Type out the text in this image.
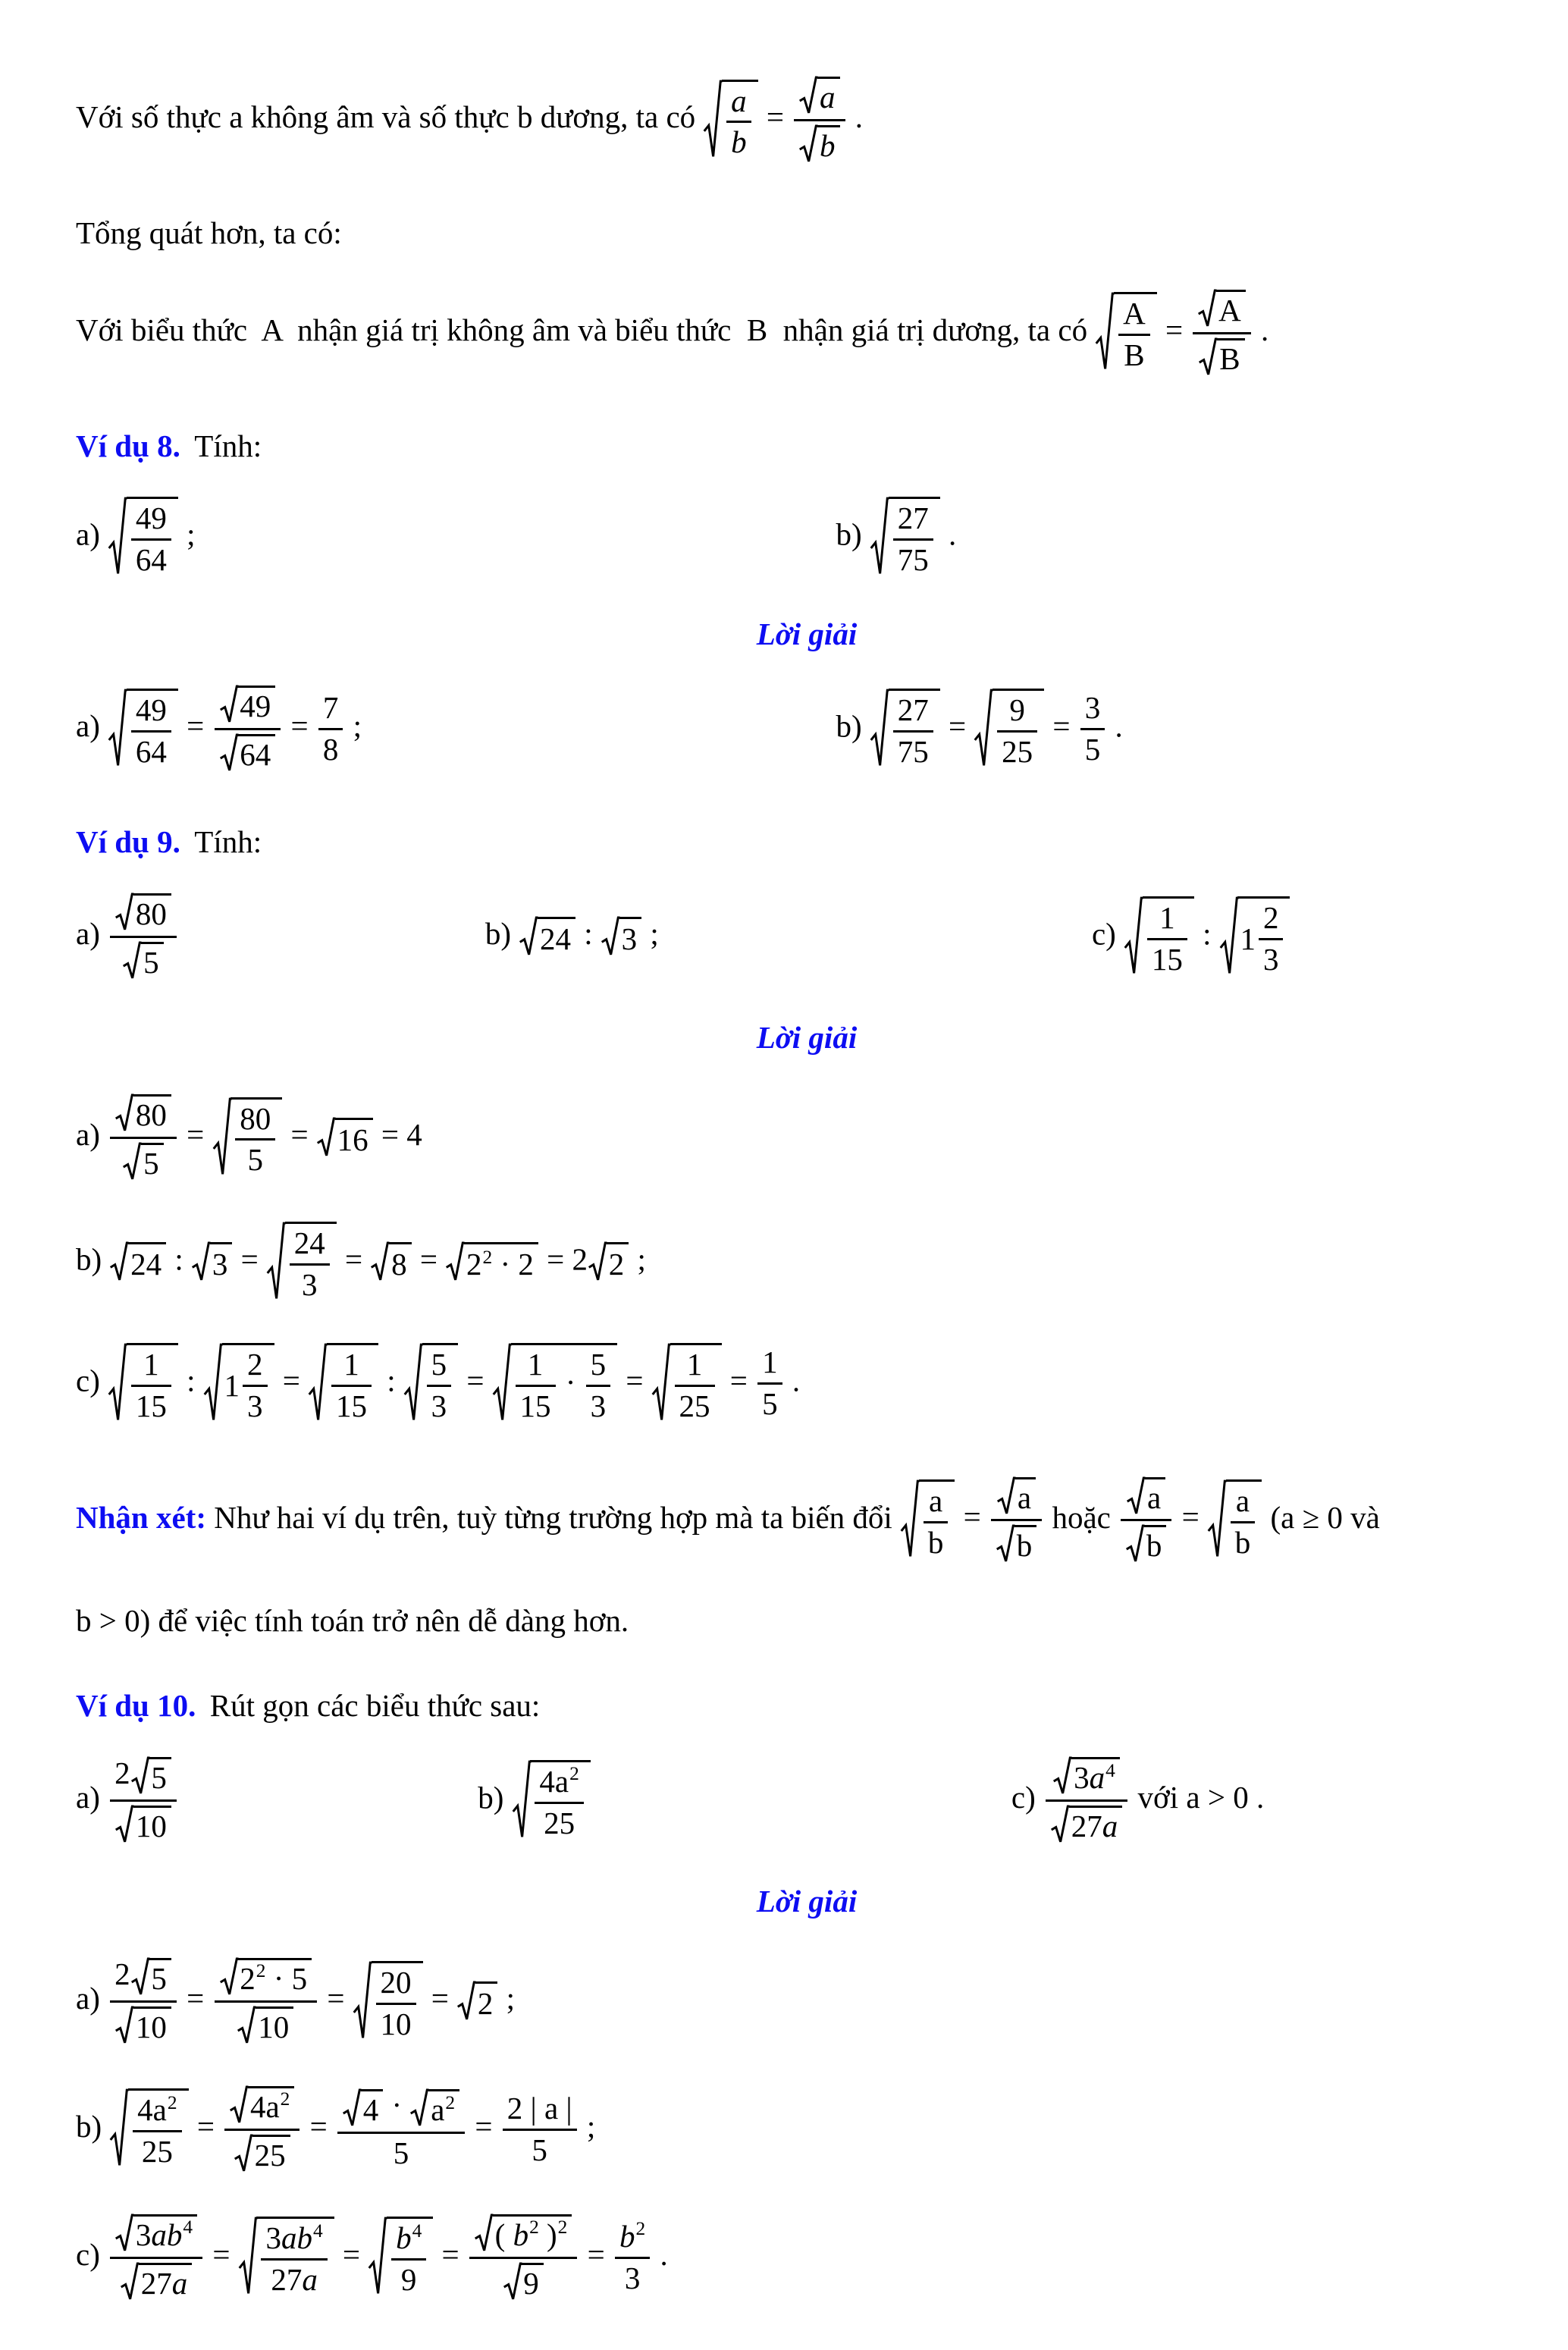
Với số thực a không âm và số thực b dương, ta có $\frac{a}{b} = \frac{a}{b}$ .

Tổng quát hơn, ta có:

Với biểu thức  A  nhận giá trị không âm và biểu thức  B  nhận giá trị dương, ta có $\frac{A}{B} = \frac{A}{B}$ .

Ví dụ 8. Tính:

$a) \frac{49}{64}$ ;	$b) \frac{27}{75}$ .

Lời giải

$a) \frac{49}{64} = \frac{49}{64} = \frac{7}{8}$ ;	$b) \frac{27}{75} = \frac{9}{25} = \frac{3}{5}$ .

Ví dụ 9. Tính:

$a) \frac{80}{5}$	b) 24 : 3 ;	$c) \frac{1}{15}$ : $1 \frac{2}{3}$

Lời giải

$a) \frac{80}{5} = \frac{80}{5} = 16 = 4$

b) 24 : $3 = \frac{24}{3} = 8 = 2^2 \cdot 2 = 2$ 2 ;

$c) \frac{1}{15}$ : $1 \frac{2}{3} = \frac{1}{15}$ : $\frac{5}{3} = \frac{1}{15} \cdot \frac{5}{3} = \frac{1}{25} = \frac{1}{5}$ .

Nhận xét: Như hai ví dụ trên, tuỳ từng trường hợp mà ta biến đổi $\frac{a}{b} = \frac{a}{b}$ hoặc $\frac{a}{b} = \frac{a}{b} (a \ge 0$ và

b > 0) để việc tính toán trở nên dễ dàng hơn.

Ví dụ 10. Rút gọn các biểu thức sau:

$a) \frac{2 5}{10}$	$b) \frac{4a^2}{25}$	$c) \frac{3a^4}{27a}$ với a > 0 .

Lời giải

$a) \frac{2 5}{10} = \frac{2^2 \cdot 5}{10} = \frac{20}{10} = 2$ ;

$b) \frac{4a^2}{25} = \frac{4a^2}{25} = \frac{4 \cdot a^2}{5} = \frac{2 | a |}{5}$ ;

$c) \frac{3ab^4}{27a} = \frac{3ab^4}{27a} = \frac{b^4}{9} = \frac{( b^2 )^2}{9} = \frac{b^2}{3}$ .
